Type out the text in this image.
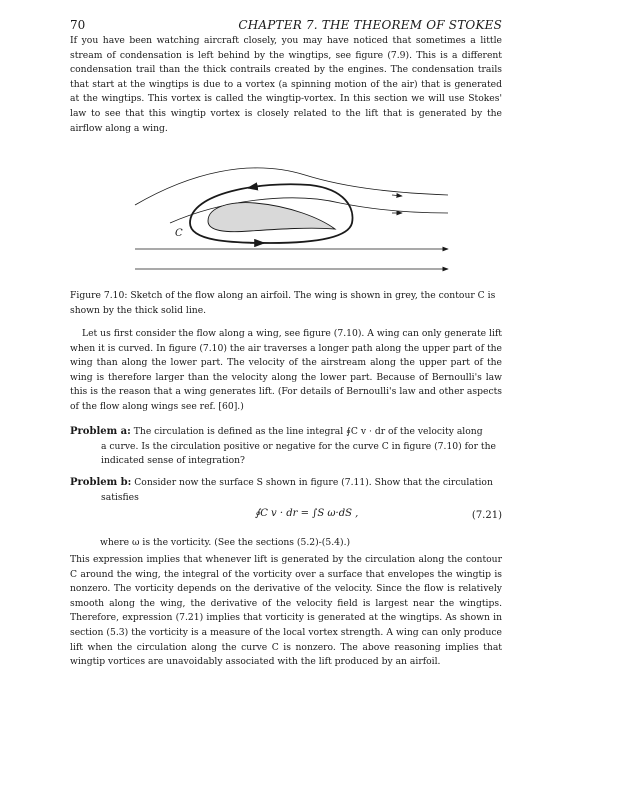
70	CHAPTER 7. THE THEOREM OF STOKES

If you have been watching aircraft closely, you may have noticed that sometimes a little stream of condensation is left behind by the wingtips, see figure (7.9). This is a different condensation trail than the thick contrails created by the engines. The condensation trails that start at the wingtips is due to a vortex (a spinning motion of the air) that is generated at the wingtips. This vortex is called the wingtip-vortex. In this section we will use Stokes' law to see that this wingtip vortex is closely related to the lift that is generated by the airflow along a wing.

C

Figure 7.10: Sketch of the flow along an airfoil. The wing is shown in grey, the contour C is shown by the thick solid line.

Let us first consider the flow along a wing, see figure (7.10). A wing can only generate lift when it is curved. In figure (7.10) the air traverses a longer path along the upper part of the wing than along the lower part. The velocity of the airstream along the upper part of the wing is therefore larger than the velocity along the lower part. Because of Bernoulli's law this is the reason that a wing generates lift. (For details of Bernoulli's law and other aspects of the flow along wings see ref. [60].)

Problem a: The circulation is defined as the line integral ∮C v · dr of the velocity along
a curve. Is the circulation positive or negative for the curve C in figure (7.10) for the indicated sense of integration?
Problem b: Consider now the surface S shown in figure (7.11). Show that the circulation
satisfies
∮C v · dr = ∫S ω·dS ,	(7.21)

where ω is the vorticity. (See the sections (5.2)-(5.4).)

This expression implies that whenever lift is generated by the circulation along the contour C around the wing, the integral of the vorticity over a surface that envelopes the wingtip is nonzero. The vorticity depends on the derivative of the velocity. Since the flow is relatively smooth along the wing, the derivative of the velocity field is largest near the wingtips. Therefore, expression (7.21) implies that vorticity is generated at the wingtips. As shown in section (5.3) the vorticity is a measure of the local vortex strength. A wing can only produce lift when the circulation along the curve C is nonzero. The above reasoning implies that wingtip vortices are unavoidably associated with the lift produced by an airfoil.
